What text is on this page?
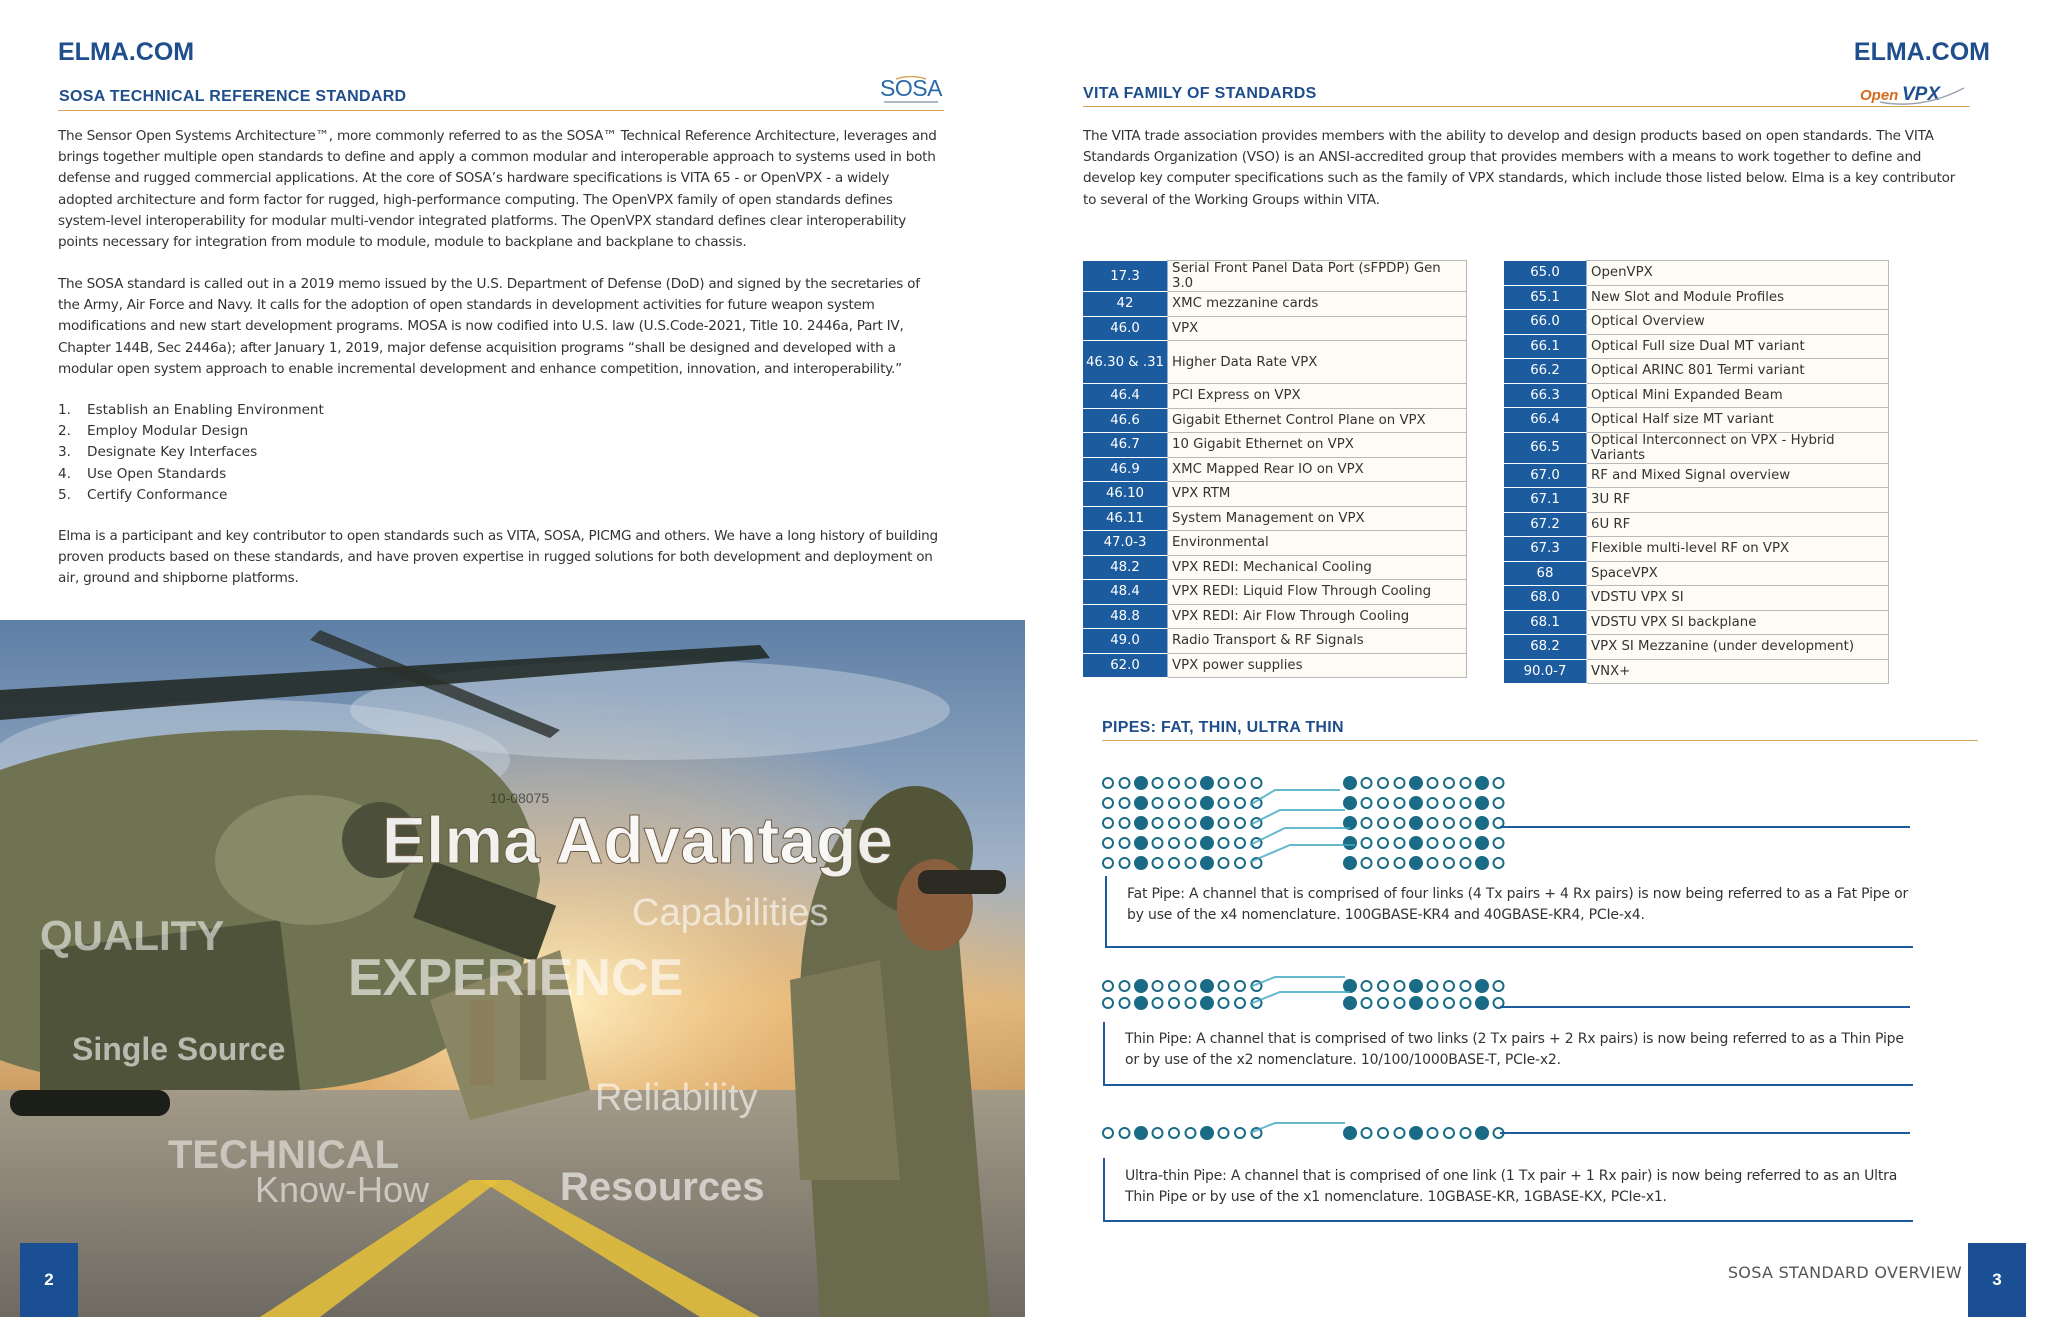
ELMA.COM
SOSA TECHNICAL REFERENCE STANDARD	SOSA

The Sensor Open Systems Architecture™, more commonly referred to as the SOSA™ Technical Reference Architecture, leverages and brings together multiple open standards to define and apply a common modular and interoperable approach to systems used in both defense and rugged commercial applications. At the core of SOSA’s hardware specifications is VITA 65 - or OpenVPX - a widely adopted architecture and form factor for rugged, high-performance computing. The OpenVPX family of open standards defines system-level interoperability for modular multi-vendor integrated platforms. The OpenVPX standard defines clear interoperability points necessary for integration from module to module, module to backplane and backplane to chassis.

The SOSA standard is called out in a 2019 memo issued by the U.S. Department of Defense (DoD) and signed by the secretaries of the Army, Air Force and Navy. It calls for the adoption of open standards in development activities for future weapon system modifications and new start development programs. MOSA is now codified into U.S. law (U.S.Code-2021, Title 10. 2446a, Part IV, Chapter 144B, Sec 2446a); after January 1, 2019, major defense acquisition programs “shall be designed and developed with a modular open system approach to enable incremental development and enhance competition, innovation, and interoperability.”

1.	Establish an Enabling Environment
2.	Employ Modular Design
3.	Designate Key Interfaces
4.	Use Open Standards
5.	Certify Conformance

Elma is a participant and key contributor to open standards such as VITA, SOSA, PICMG and others. We have a long history of building proven products based on these standards, and have proven expertise in rugged solutions for both development and deployment on air, ground and shipborne platforms.

QUALITY	Capabilities
EXPERIENCE
Single Source
Reliability
TECHNICAL
Know-How	Resources
10-08075
Elma Advantage
2
ELMA.COM
VITA FAMILY OF STANDARDS	Open VPX

The VITA trade association provides members with the ability to develop and design products based on open standards. The VITA Standards Organization (VSO) is an ANSI-accredited group that provides members with a means to work together to define and develop key computer specifications such as the family of VPX standards, which include those listed below. Elma is a key contributor to several of the Working Groups within VITA.

17.3	Serial Front Panel Data Port (sFPDP) Gen 3.0
42	XMC mezzanine cards
46.0	VPX
46.30 & .31	Higher Data Rate VPX
46.4	PCI Express on VPX
46.6	Gigabit Ethernet Control Plane on VPX
46.7	10 Gigabit Ethernet on VPX
46.9	XMC Mapped Rear IO on VPX
46.10	VPX RTM
46.11	System Management on VPX
47.0-3	Environmental
48.2	VPX REDI: Mechanical Cooling
48.4	VPX REDI: Liquid Flow Through Cooling
48.8	VPX REDI: Air Flow Through Cooling
49.0	Radio Transport & RF Signals
62.0	VPX power supplies
65.0	OpenVPX
65.1	New Slot and Module Profiles
66.0	Optical Overview
66.1	Optical Full size Dual MT variant
66.2	Optical ARINC 801 Termi variant
66.3	Optical Mini Expanded Beam
66.4	Optical Half size MT variant
66.5	Optical Interconnect on VPX - Hybrid Variants
67.0	RF and Mixed Signal overview
67.1	3U RF
67.2	6U RF
67.3	Flexible multi-level RF on VPX
68	SpaceVPX
68.0	VDSTU VPX SI
68.1	VDSTU VPX SI backplane
68.2	VPX SI Mezzanine (under development)
90.0-7	VNX+
PIPES: FAT, THIN, ULTRA THIN

Fat Pipe: A channel that is comprised of four links (4 Tx pairs + 4 Rx pairs) is now being referred to as a Fat Pipe or by use of the x4 nomenclature. 100GBASE-KR4 and 40GBASE-KR4, PCIe-x4.

Thin Pipe: A channel that is comprised of two links (2 Tx pairs + 2 Rx pairs) is now being referred to as a Thin Pipe or by use of the x2 nomenclature. 10/100/1000BASE-T, PCIe-x2.

Ultra-thin Pipe: A channel that is comprised of one link (1 Tx pair + 1 Rx pair) is now being referred to as an Ultra Thin Pipe or by use of the x1 nomenclature. 10GBASE-KR, 1GBASE-KX, PCIe-x1.

SOSA STANDARD OVERVIEW	3
